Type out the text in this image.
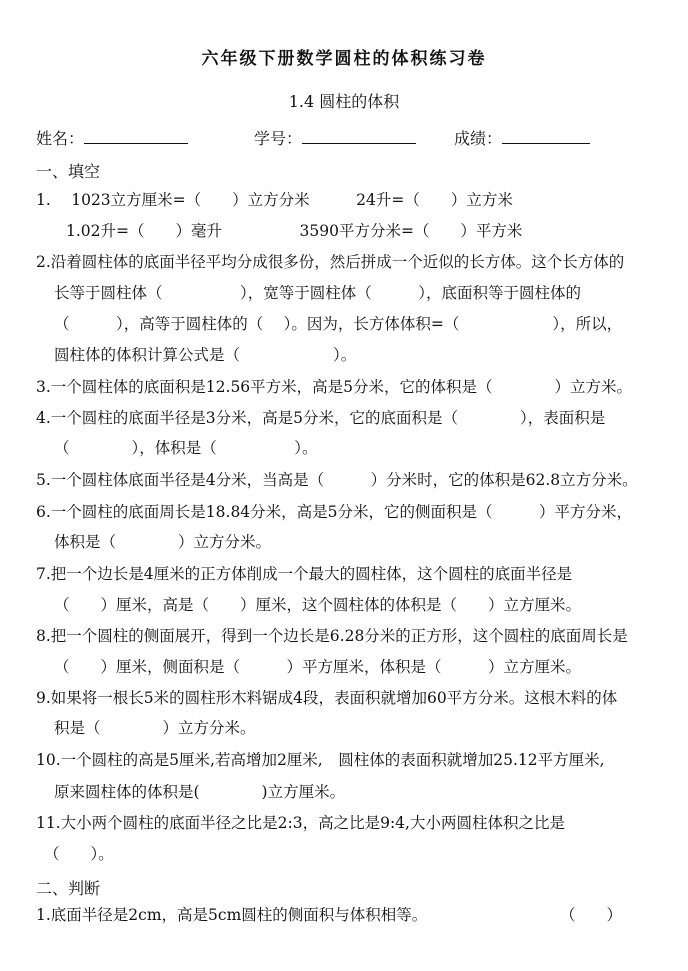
六年级下册数学圆柱的体积练习卷
1.4 圆柱的体积
姓名：	学号：	成绩：
一、填空
1.　 1023立方厘米=（　　）立方分米　　　24升=（　　）立方米
1.02升=（　　）毫升　　　　　3590平方分米=（　　）平方米
2.沿着圆柱体的底面半径平均分成很多份，然后拼成一个近似的长方体。这个长方体的
长等于圆柱体（　　　　　），宽等于圆柱体（　　　），底面积等于圆柱体的
（　　　），高等于圆柱体的（　 ）。因为，长方体体积=（　　　　　　），所以，
圆柱体的体积计算公式是（　　　　　　）。
3.一个圆柱体的底面积是12.56平方米，高是5分米，它的体积是（　　　　）立方米。
4.一个圆柱的底面半径是3分米，高是5分米，它的底面积是（　　　　），表面积是
（　　　　），体积是（　　　　　）。
5.一个圆柱体底面半径是4分米，当高是（　　　）分米时，它的体积是62.8立方分米。
6.一个圆柱的底面周长是18.84分米，高是5分米，它的侧面积是（　　　）平方分米，
体积是（　　　　）立方分米。
7.把一个边长是4厘米的正方体削成一个最大的圆柱体，这个圆柱的底面半径是
（　　）厘米，高是（　　）厘米，这个圆柱体的体积是（　　）立方厘米。
8.把一个圆柱的侧面展开，得到一个边长是6.28分米的正方形，这个圆柱的底面周长是
（　　）厘米，侧面积是（　　　）平方厘米，体积是（　　　）立方厘米。
9.如果将一根长5米的圆柱形木料锯成4段，表面积就增加60平方分米。这根木料的体
积是（　　　　）立方分米。
10.一个圆柱的高是5厘米,若高增加2厘米,　圆柱体的表面积就增加25.12平方厘米,
原来圆柱体的体积是(　　　　)立方厘米。
11.大小两个圆柱的底面半径之比是2:3，高之比是9:4,大小两圆柱体积之比是
（　　）。
二、判断
1.底面半径是2cm，高是5cm圆柱的侧面积与体积相等。	（　　）
